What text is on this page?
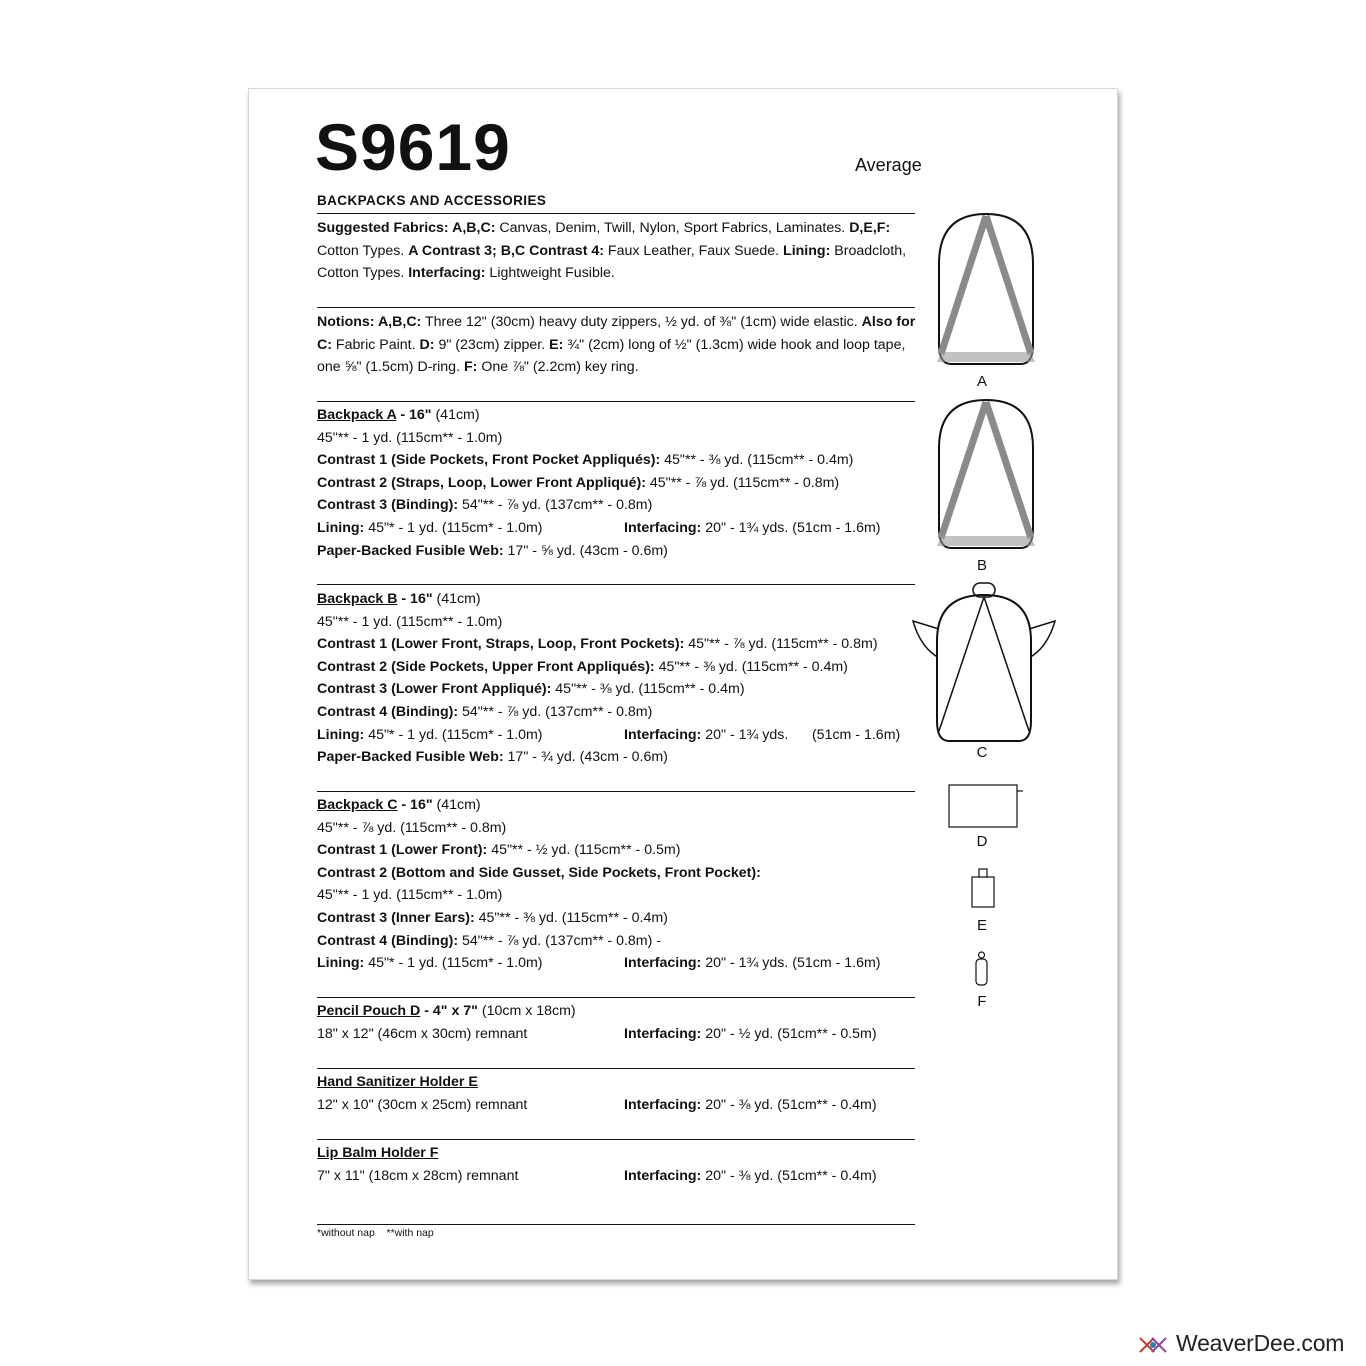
S9619	Average
BACKPACKS AND ACCESSORIES
Suggested Fabrics: A,B,C: Canvas, Denim, Twill, Nylon, Sport Fabrics, Laminates. D,E,F:
Cotton Types. A Contrast 3; B,C Contrast 4: Faux Leather, Faux Suede. Lining: Broadcloth,
Cotton Types. Interfacing: Lightweight Fusible.
Notions: A,B,C: Three 12" (30cm) heavy duty zippers, ½ yd. of ⅜" (1cm) wide elastic. Also for
C: Fabric Paint. D: 9" (23cm) zipper. E: ¾" (2cm) long of ½" (1.3cm) wide hook and loop tape,
one ⅝" (1.5cm) D-ring. F: One ⅞" (2.2cm) key ring.
Backpack A - 16" (41cm)
45"** - 1 yd. (115cm** - 1.0m)
Contrast 1 (Side Pockets, Front Pocket Appliqués): 45"** - ⅜ yd. (115cm** - 0.4m)
Contrast 2 (Straps, Loop, Lower Front Appliqué): 45"** - ⅞ yd. (115cm** - 0.8m)
Contrast 3 (Binding): 54"** - ⅞ yd. (137cm** - 0.8m)
Lining: 45"* - 1 yd. (115cm* - 1.0m)	Interfacing: 20" - 1¾ yds. (51cm - 1.6m)
Paper-Backed Fusible Web: 17" - ⅝ yd. (43cm - 0.6m)
Backpack B - 16" (41cm)
45"** - 1 yd. (115cm** - 1.0m)
Contrast 1 (Lower Front, Straps, Loop, Front Pockets): 45"** - ⅞ yd. (115cm** - 0.8m)
Contrast 2 (Side Pockets, Upper Front Appliqués): 45"** - ⅜ yd. (115cm** - 0.4m)
Contrast 3 (Lower Front Appliqué): 45"** - ⅜ yd. (115cm** - 0.4m)
Contrast 4 (Binding): 54"** - ⅞ yd. (137cm** - 0.8m)
Lining: 45"* - 1 yd. (115cm* - 1.0m)	Interfacing: 20" - 1¾ yds.      (51cm - 1.6m)
Paper-Backed Fusible Web: 17" - ¾ yd. (43cm - 0.6m)
Backpack C - 16" (41cm)
45"** - ⅞ yd. (115cm** - 0.8m)
Contrast 1 (Lower Front): 45"** - ½ yd. (115cm** - 0.5m)
Contrast 2 (Bottom and Side Gusset, Side Pockets, Front Pocket):
45"** - 1 yd. (115cm** - 1.0m)
Contrast 3 (Inner Ears): 45"** - ⅜ yd. (115cm** - 0.4m)
Contrast 4 (Binding): 54"** - ⅞ yd. (137cm** - 0.8m) -
Lining: 45"* - 1 yd. (115cm* - 1.0m)	Interfacing: 20" - 1¾ yds. (51cm - 1.6m)
Pencil Pouch D - 4" x 7" (10cm x 18cm)
18" x 12" (46cm x 30cm) remnant	Interfacing: 20" - ½ yd. (51cm** - 0.5m)
Hand Sanitizer Holder E
12" x 10" (30cm x 25cm) remnant	Interfacing: 20" - ⅜ yd. (51cm** - 0.4m)
Lip Balm Holder F
7" x 11" (18cm x 28cm) remnant	Interfacing: 20" - ⅜ yd. (51cm** - 0.4m)
*without nap    **with nap
A
B
C
D
E
F
WeaverDee.com
